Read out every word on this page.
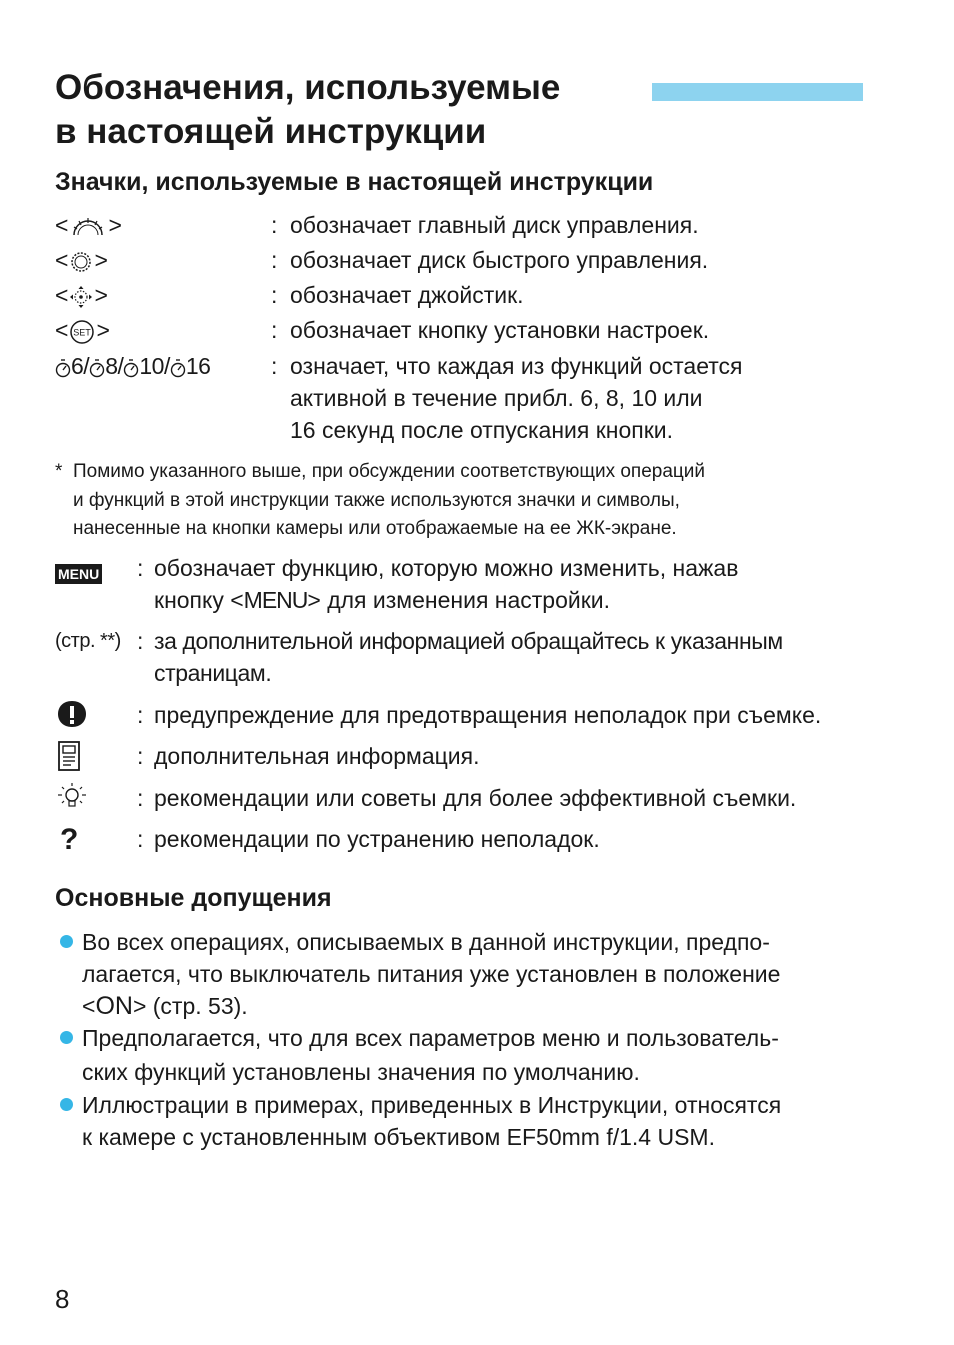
Обозначения, используемые
в настоящей инструкции
Значки, используемые в настоящей инструкции
< >	: обозначает главный диск управления.
< >	: обозначает диск быстрого управления.
< >	: обозначает джойстик.
< SET >	: обозначает кнопку установки настроек.
6/ 8/ 10/ 16	: означает, что каждая из функций остается
активной в течение прибл. 6, 8, 10 или
16 секунд после отпускания кнопки.
* Помимо указанного выше, при обсуждении соответствующих операций
и функций в этой инструкции также используются значки и символы,
нанесенные на кнопки камеры или отображаемые на ее ЖК-экране.
MENU : обозначает функцию, которую можно изменить, нажав
кнопку <MENU> для изменения настройки.
(стр. **) : за дополнительной информацией обращайтесь к указанным
страницам.
: предупреждение для предотвращения неполадок при съемке.
: дополнительная информация.
: рекомендации или советы для более эффективной съемки.
?	: рекомендации по устранению неполадок.
Основные допущения
Во всех операциях, описываемых в данной инструкции, предпо-
лагается, что выключатель питания уже установлен в положение
<ON> (стр. 53).
Предполагается, что для всех параметров меню и пользователь-
ских функций установлены значения по умолчанию.
Иллюстрации в примерах, приведенных в Инструкции, относятся
к камере с установленным объективом EF50mm f/1.4 USM.
8
